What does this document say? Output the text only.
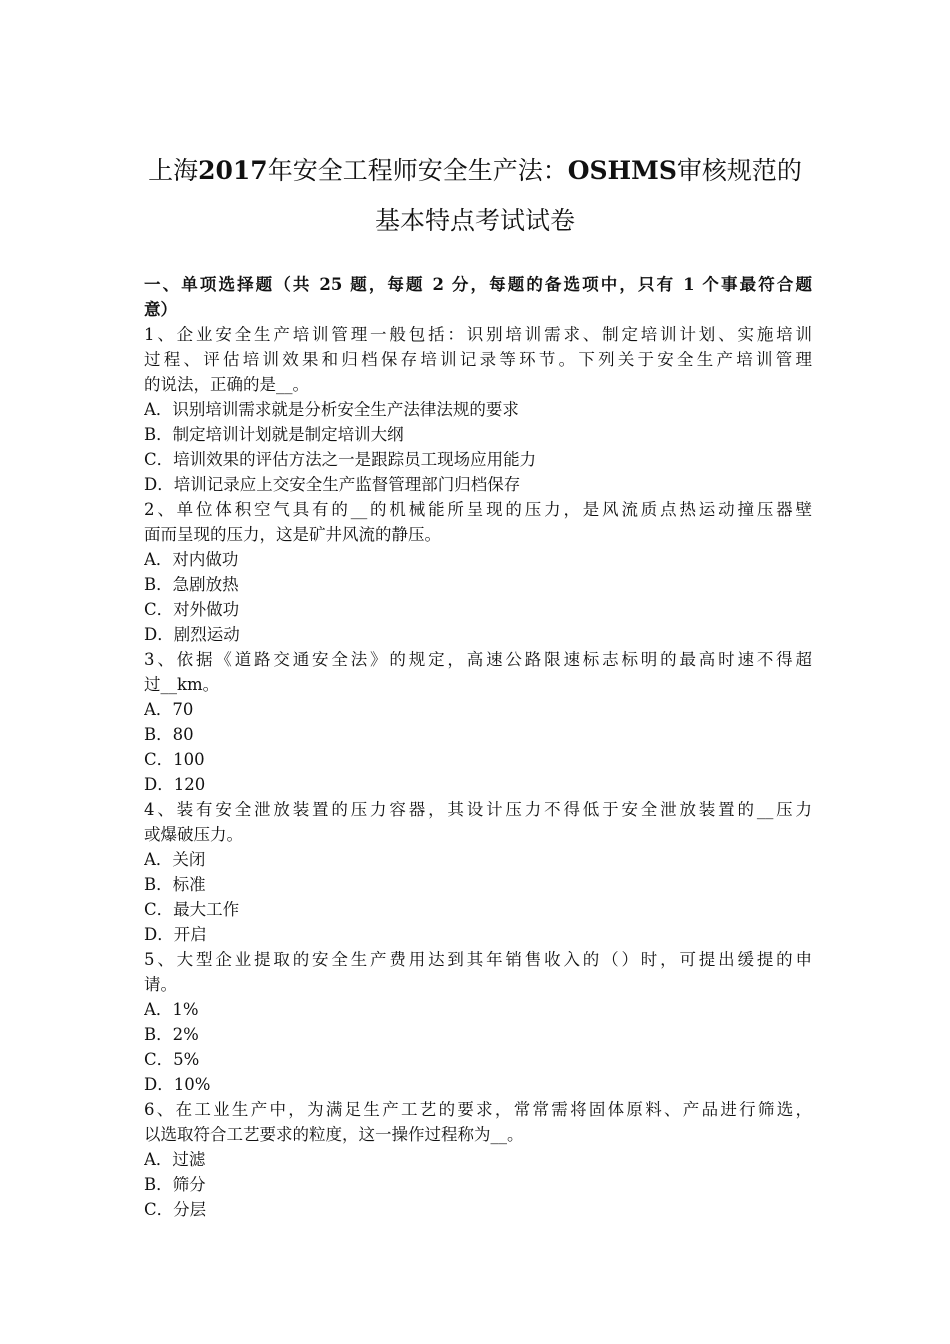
上海2017年安全工程师安全生产法：OSHMS审核规范的
基本特点考试试卷
一、单项选择题（共 25 题，每题 2 分，每题的备选项中，只有 1 个事最符合题
意）
1、企业安全生产培训管理一般包括：识别培训需求、制定培训计划、实施培训
过程、评估培训效果和归档保存培训记录等环节。下列关于安全生产培训管理
的说法，正确的是__。
A．识别培训需求就是分析安全生产法律法规的要求
B．制定培训计划就是制定培训大纲
C．培训效果的评估方法之一是跟踪员工现场应用能力
D．培训记录应上交安全生产监督管理部门归档保存
2、单位体积空气具有的__的机械能所呈现的压力，是风流质点热运动撞压器壁
面而呈现的压力，这是矿井风流的静压。
A．对内做功
B．急剧放热
C．对外做功
D．剧烈运动
3、依据《道路交通安全法》的规定，高速公路限速标志标明的最高时速不得超
过__km。
A．70
B．80
C．100
D．120
4、装有安全泄放装置的压力容器，其设计压力不得低于安全泄放装置的__压力
或爆破压力。
A．关闭
B．标准
C．最大工作
D．开启
5、大型企业提取的安全生产费用达到其年销售收入的（）时，可提出缓提的申
请。
A．1%
B．2%
C．5%
D．10%
6、在工业生产中，为满足生产工艺的要求，常常需将固体原料、产品进行筛选，
以选取符合工艺要求的粒度，这一操作过程称为__。
A．过滤
B．筛分
C．分层
